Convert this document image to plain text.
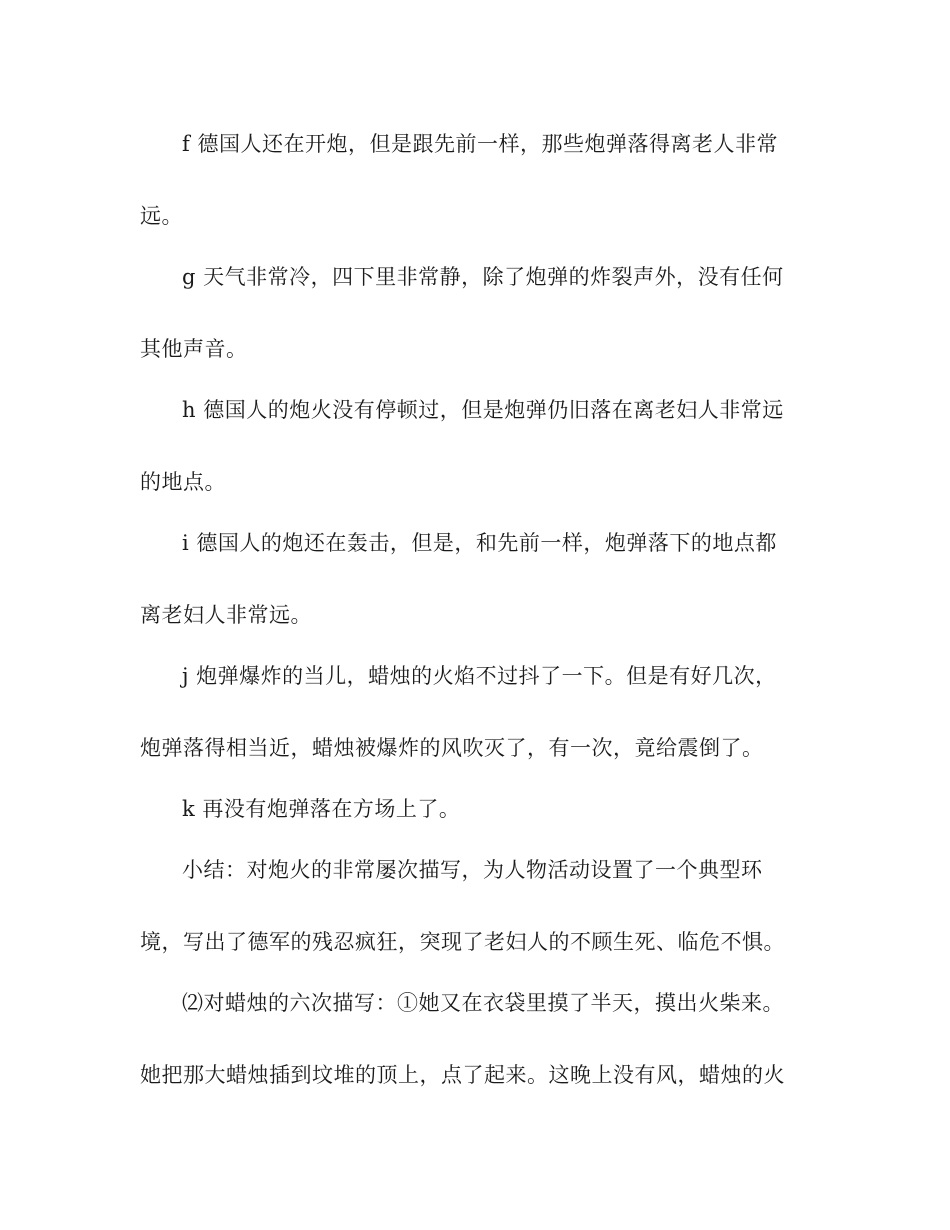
f 德国人还在开炮，但是跟先前一样，那些炮弹落得离老人非常
远。
g 天气非常冷，四下里非常静，除了炮弹的炸裂声外，没有任何
其他声音。
h 德国人的炮火没有停顿过，但是炮弹仍旧落在离老妇人非常远
的地点。
i 德国人的炮还在轰击，但是，和先前一样，炮弹落下的地点都
离老妇人非常远。
j 炮弹爆炸的当儿，蜡烛的火焰不过抖了一下。但是有好几次，
炮弹落得相当近，蜡烛被爆炸的风吹灭了，有一次，竟给震倒了。
k 再没有炮弹落在方场上了。
小结：对炮火的非常屡次描写，为人物活动设置了一个典型环
境，写出了德军的残忍疯狂，突现了老妇人的不顾生死、临危不惧。
⑵对蜡烛的六次描写：①她又在衣袋里摸了半天，摸出火柴来。
她把那大蜡烛插到坟堆的顶上，点了起来。这晚上没有风，蜡烛的火
